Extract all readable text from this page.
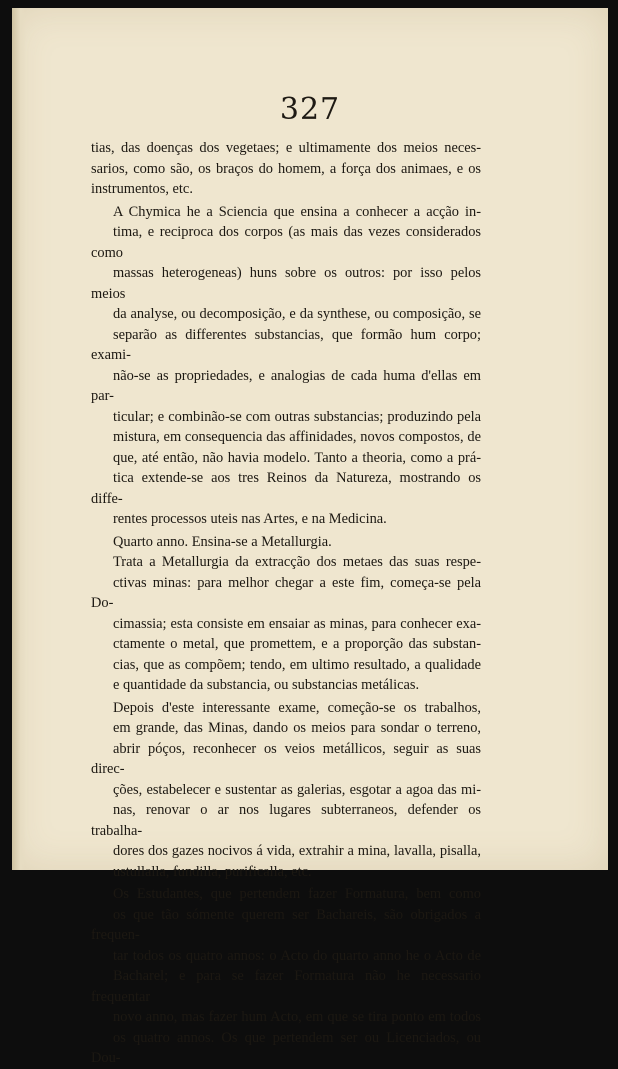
327

tias, das doenças dos vegetaes; e ultimamente dos meios neces-
sarios, como são, os braços do homem, a força dos animaes, e os
instrumentos, etc.

A Chymica he a Sciencia que ensina a conhecer a acção in-
tima, e reciproca dos corpos (as mais das vezes considerados como
massas heterogeneas) huns sobre os outros: por isso pelos meios
da analyse, ou decomposição, e da synthese, ou composição, se
separão as differentes substancias, que formão hum corpo; exami-
não-se as propriedades, e analogias de cada huma d'ellas em par-
ticular; e combinão-se com outras substancias; produzindo pela
mistura, em consequencia das affinidades, novos compostos, de
que, até então, não havia modelo. Tanto a theoria, como a prá-
tica extende-se aos tres Reinos da Natureza, mostrando os diffe-
rentes processos uteis nas Artes, e na Medicina.

Quarto anno. Ensina-se a Metallurgia.

Trata a Metallurgia da extracção dos metaes das suas respe-
ctivas minas: para melhor chegar a este fim, começa-se pela Do-
cimassia; esta consiste em ensaiar as minas, para conhecer exa-
ctamente o metal, que promettem, e a proporção das substan-
cias, que as compõem; tendo, em ultimo resultado, a qualidade
e quantidade da substancia, ou substancias metálicas.

Depois d'este interessante exame, começão-se os trabalhos,
em grande, das Minas, dando os meios para sondar o terreno,
abrir póços, reconhecer os veios metállicos, seguir as suas direc-
ções, estabelecer e sustentar as galerias, esgotar a agoa das mi-
nas, renovar o ar nos lugares subterraneos, defender os trabalha-
dores dos gazes nocivos á vida, extrahir a mina, lavalla, pisalla,
ustullalla, fundilla, purificalla, etc.

Os Estudantes, que pertendem fazer Formatura, bem como
os que tão sómente querem ser Bachareis, são obrigados a frequen-
tar todos os quatro annos: o Acto do quarto anno he o Acto de
Bacharel; e para se fazer Formatura não he necessario frequentar
novo anno, mas fazer hum Acto, em que se tira ponto em todos
os quatro annos. Os que pertendem ser ou Licenciados, ou Dou-
